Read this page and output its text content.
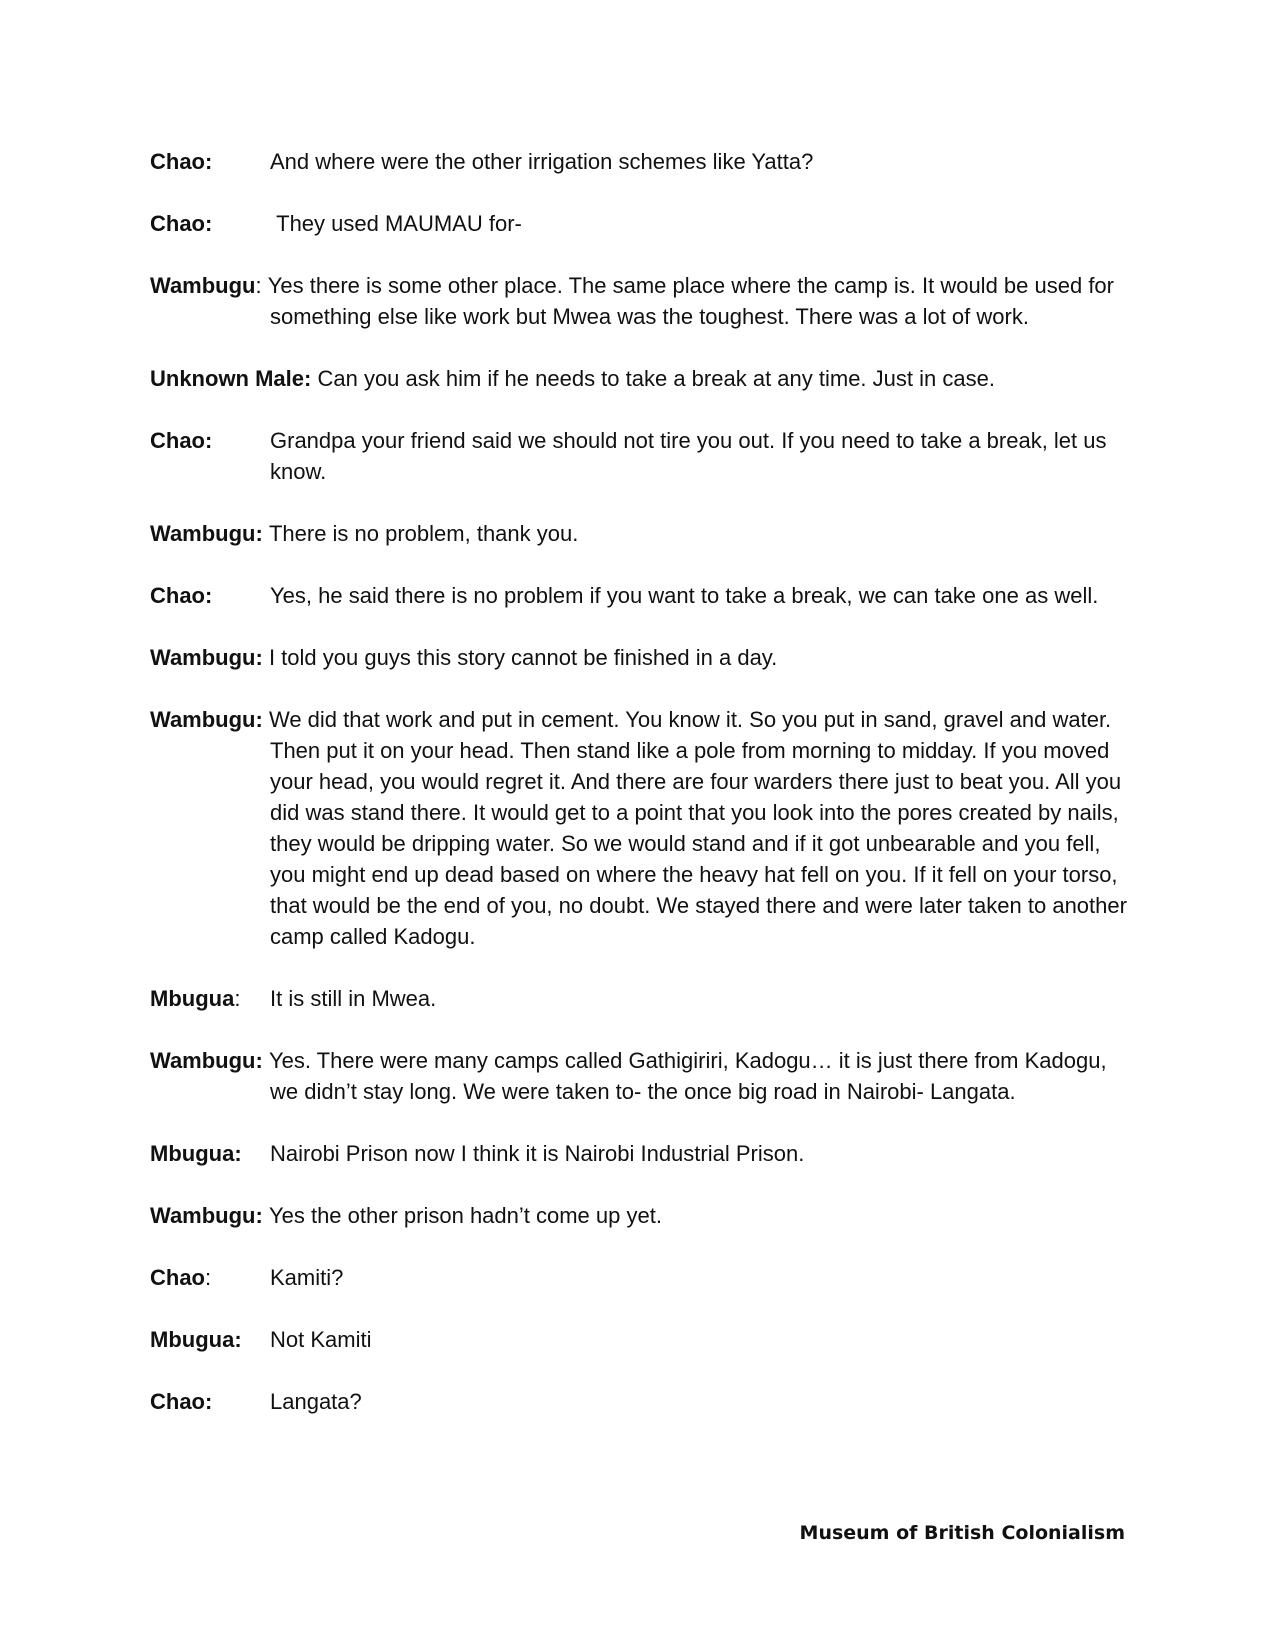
Chao:	And where were the other irrigation schemes like Yatta?
Chao:	They used MAUMAU for-
Wambugu: Yes there is some other place. The same place where the camp is. It would be used for something else like work but Mwea was the toughest. There was a lot of work.
Unknown Male: Can you ask him if he needs to take a break at any time. Just in case.
Chao:	Grandpa your friend said we should not tire you out. If you need to take a break, let us know.
Wambugu: There is no problem, thank you.
Chao:	Yes, he said there is no problem if you want to take a break, we can take one as well.
Wambugu: I told you guys this story cannot be finished in a day.
Wambugu: We did that work and put in cement. You know it. So you put in sand, gravel and water. Then put it on your head. Then stand like a pole from morning to midday. If you moved your head, you would regret it. And there are four warders there just to beat you. All you did was stand there. It would get to a point that you look into the pores created by nails, they would be dripping water. So we would stand and if it got unbearable and you fell, you might end up dead based on where the heavy hat fell on you. If it fell on your torso, that would be the end of you, no doubt. We stayed there and were later taken to another camp called Kadogu.
Mbugua: It is still in Mwea.
Wambugu: Yes. There were many camps called Gathigiriri, Kadogu… it is just there from Kadogu, we didn’t stay long. We were taken to- the once big road in Nairobi- Langata.
Mbugua: Nairobi Prison now I think it is Nairobi Industrial Prison.
Wambugu: Yes the other prison hadn’t come up yet.
Chao:	Kamiti?
Mbugua: Not Kamiti
Chao:	Langata?
Museum of British Colonialism
